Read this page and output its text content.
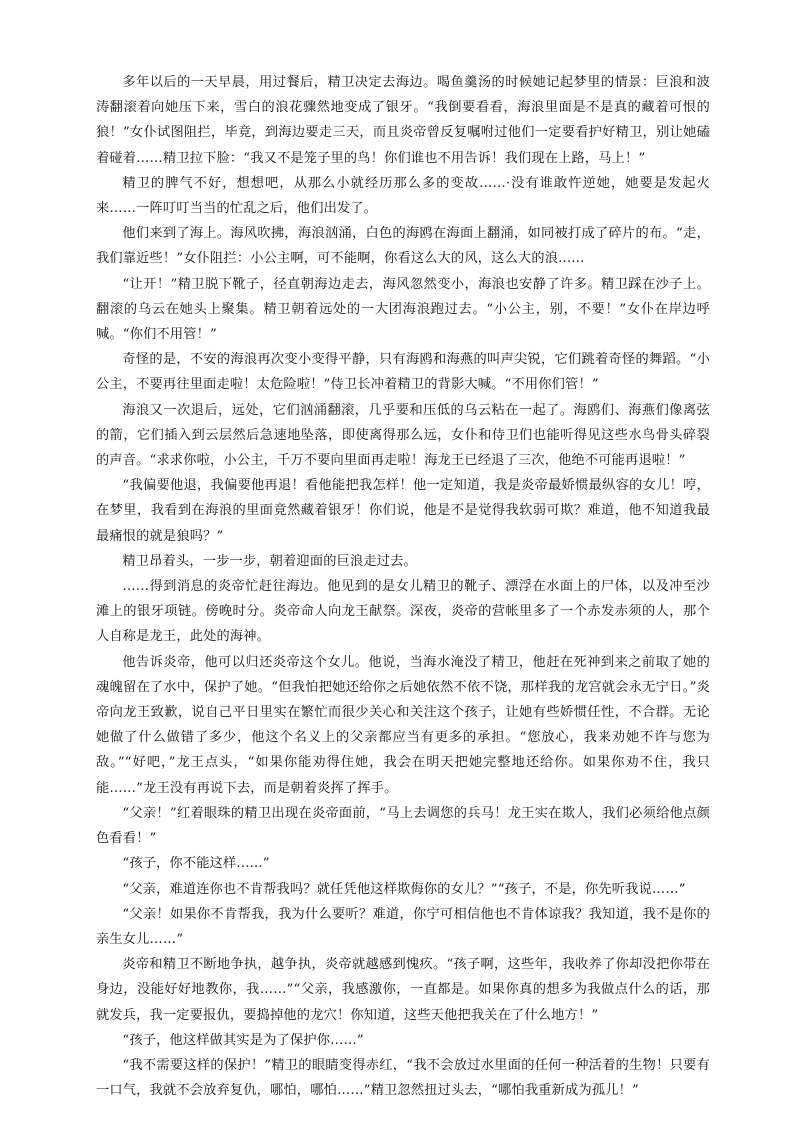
多年以后的一天早晨，用过餐后，精卫决定去海边。喝鱼羹汤的时候她记起梦里的情景：巨浪和波涛翻滚着向她压下来，雪白的浪花骤然地变成了银牙。“我倒要看看，海浪里面是不是真的藏着可恨的狼！”女仆试图阻拦，毕竟，到海边要走三天，而且炎帝曾反复嘱咐过他们一定要看护好精卫，别让她磕着碰着……精卫拉下脸：“我又不是笼子里的鸟！你们谁也不用告诉！我们现在上路，马上！”

精卫的脾气不好，想想吧，从那么小就经历那么多的变故……·没有谁敢忤逆她，她要是发起火来……一阵叮叮当当的忙乱之后，他们出发了。

他们来到了海上。海风吹拂，海浪汹涌，白色的海鸥在海面上翻涌，如同被打成了碎片的布。“走，我们靠近些！”女仆阻拦：小公主啊，可不能啊，你看这么大的风，这么大的浪......

“让开！”精卫脱下靴子，径直朝海边走去，海风忽然变小，海浪也安静了许多。精卫踩在沙子上。翻滚的乌云在她头上聚集。精卫朝着远处的一大团海浪跑过去。“小公主，别，不要！”女仆在岸边呼喊。“你们不用管！”

奇怪的是，不安的海浪再次变小变得平静，只有海鸥和海燕的叫声尖锐，它们跳着奇怪的舞蹈。“小公主，不要再往里面走啦！太危险啦！”侍卫长冲着精卫的背影大喊。“不用你们管！”

海浪又一次退后，远处，它们汹涌翻滚，几乎要和压低的乌云粘在一起了。海鸥们、海燕们像离弦的箭，它们插入到云层然后急速地坠落，即使离得那么远，女仆和侍卫们也能听得见这些水鸟骨头碎裂的声音。“求求你啦，小公主，千万不要向里面再走啦！海龙王已经退了三次，他绝不可能再退啦！”

“我偏要他退，我偏要他再退！看他能把我怎样！他一定知道，我是炎帝最娇惯最纵容的女儿！哼，在梦里，我看到在海浪的里面竟然藏着银牙！你们说，他是不是觉得我软弱可欺？难道，他不知道我最最痛恨的就是狼吗？”

精卫昂着头，一步一步，朝着迎面的巨浪走过去。

……得到消息的炎帝忙赶往海边。他见到的是女儿精卫的靴子、漂浮在水面上的尸体，以及冲至沙滩上的银牙项链。傍晚时分。炎帝命人向龙王献祭。深夜，炎帝的营帐里多了一个赤发赤须的人，那个人自称是龙王，此处的海神。

他告诉炎帝，他可以归还炎帝这个女儿。他说，当海水淹没了精卫，他赶在死神到来之前取了她的魂魄留在了水中，保护了她。“但我怕把她还给你之后她依然不依不饶，那样我的龙宫就会永无宁日。”炎帝向龙王致歉，说自己平日里实在繁忙而很少关心和关注这个孩子，让她有些娇惯任性，不合群。无论她做了什么做错了多少，他这个名义上的父亲都应当有更多的承担。“您放心，我来劝她不许与您为敌。”“好吧，”龙王点头，“如果你能劝得住她，我会在明天把她完整地还给你。如果你劝不住，我只能……”龙王没有再说下去，而是朝着炎挥了挥手。

“父亲！”红着眼珠的精卫出现在炎帝面前，“马上去调您的兵马！龙王实在欺人，我们必须给他点颜色看看！”

“孩子，你不能这样......”

“父亲，难道连你也不肯帮我吗？就任凭他这样欺侮你的女儿？”“孩子，不是，你先听我说……”

“父亲！如果你不肯帮我，我为什么要听？难道，你宁可相信他也不肯体谅我？我知道，我不是你的亲生女儿……”

炎帝和精卫不断地争执，越争执，炎帝就越感到愧疚。“孩子啊，这些年，我收养了你却没把你带在身边，没能好好地教你，我……”“父亲，我感激你，一直都是。如果你真的想多为我做点什么的话，那就发兵，我一定要报仇，要捣掉他的龙穴！你知道，这些天他把我关在了什么地方！”

“孩子，他这样做其实是为了保护你……”

“我不需要这样的保护！”精卫的眼睛变得赤红，“我不会放过水里面的任何一种活着的生物！只要有一口气，我就不会放弃复仇，哪怕，哪怕……”精卫忽然扭过头去，“哪怕我重新成为孤儿！”
